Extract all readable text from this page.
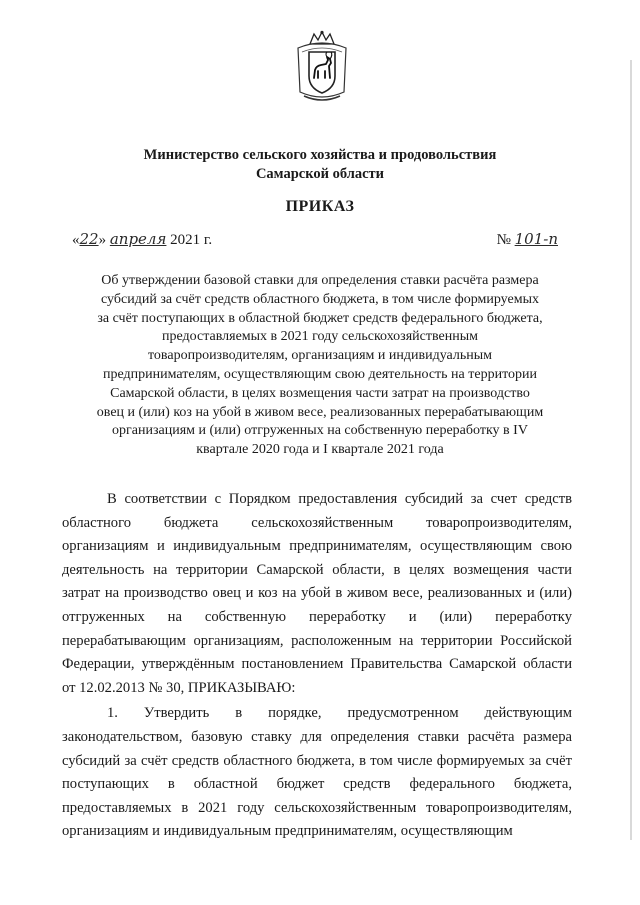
Министерство сельского хозяйства и продовольствия
Самарской области
ПРИКАЗ
«22» апреля 2021 г.	№ 101-п
Об утверждении базовой ставки для определения ставки расчёта размера субсидий за счёт средств областного бюджета, в том числе формируемых за счёт поступающих в областной бюджет средств федерального бюджета, предоставляемых в 2021 году сельскохозяйственным товаропроизводителям, организациям и индивидуальным предпринимателям, осуществляющим свою деятельность на территории Самарской области, в целях возмещения части затрат на производство овец и (или) коз на убой в живом весе, реализованных перерабатывающим организациям и (или) отгруженных на собственную переработку в IV квартале 2020 года и I квартале 2021 года

В соответствии с Порядком предоставления субсидий за счет средств областного бюджета сельскохозяйственным товаропроизводителям, организациям и индивидуальным предпринимателям, осуществляющим свою деятельность на территории Самарской области, в целях возмещения части затрат на производство овец и коз на убой в живом весе, реализованных и (или) отгруженных на собственную переработку и (или) переработку перерабатывающим организациям, расположенным на территории Российской Федерации, утверждённым постановлением Правительства Самарской области от 12.02.2013 № 30, ПРИКАЗЫВАЮ:

1. Утвердить в порядке, предусмотренном действующим законодательством, базовую ставку для определения ставки расчёта размера субсидий за счёт средств областного бюджета, в том числе формируемых за счёт поступающих в областной бюджет средств федерального бюджета, предоставляемых в 2021 году сельскохозяйственным товаропроизводителям, организациям и индивидуальным предпринимателям, осуществляющим
